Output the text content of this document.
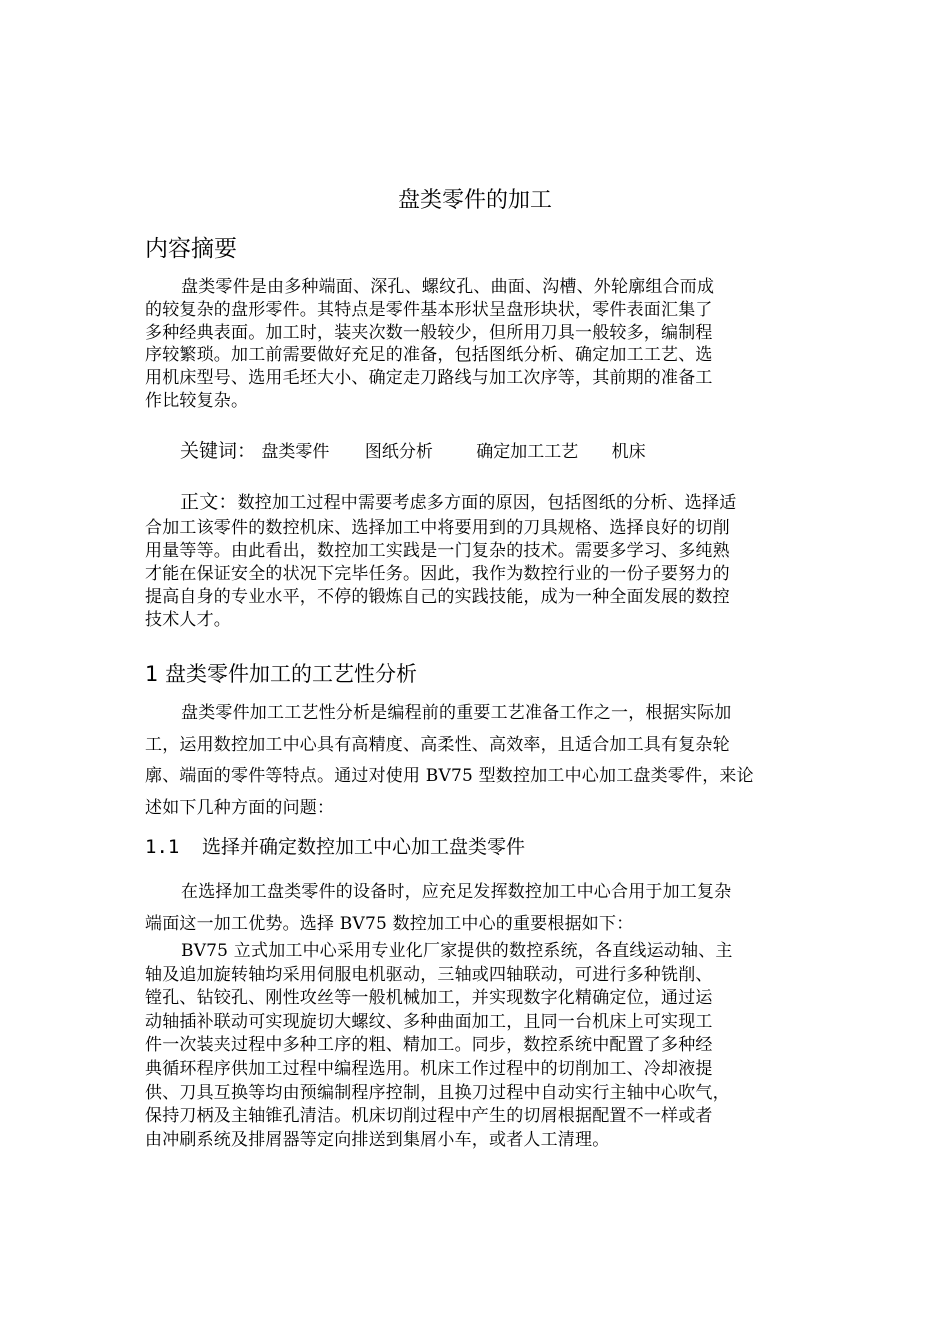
盘类零件的加工
内容摘要
盘类零件是由多种端面、深孔、螺纹孔、曲面、沟槽、外轮廓组合而成
的较复杂的盘形零件。其特点是零件基本形状呈盘形块状，零件表面汇集了
多种经典表面。加工时，装夹次数一般较少，但所用刀具一般较多，编制程
序较繁琐。加工前需要做好充足的准备，包括图纸分析、确定加工工艺、选
用机床型号、选用毛坯大小、确定走刀路线与加工次序等，其前期的准备工
作比较复杂。
关键词： 盘类零件 图纸分析	确定加工工艺 机床
正文：数控加工过程中需要考虑多方面的原因，包括图纸的分析、选择适
合加工该零件的数控机床、选择加工中将要用到的刀具规格、选择良好的切削
用量等等。由此看出，数控加工实践是一门复杂的技术。需要多学习、多纯熟
才能在保证安全的状况下完毕任务。因此，我作为数控行业的一份子要努力的
提高自身的专业水平，不停的锻炼自己的实践技能，成为一种全面发展的数控
技术人才。
1 盘类零件加工的工艺性分析
盘类零件加工工艺性分析是编程前的重要工艺准备工作之一，根据实际加
工，运用数控加工中心具有高精度、高柔性、高效率，且适合加工具有复杂轮
廓、端面的零件等特点。通过对使用 BV75 型数控加工中心加工盘类零件，来论
述如下几种方面的问题：
1.1 选择并确定数控加工中心加工盘类零件
在选择加工盘类零件的设备时，应充足发挥数控加工中心合用于加工复杂
端面这一加工优势。选择 BV75 数控加工中心的重要根据如下：
BV75 立式加工中心采用专业化厂家提供的数控系统，各直线运动轴、主
轴及追加旋转轴均采用伺服电机驱动，三轴或四轴联动，可进行多种铣削、
镗孔、钻铰孔、刚性攻丝等一般机械加工，并实现数字化精确定位，通过运
动轴插补联动可实现旋切大螺纹、多种曲面加工，且同一台机床上可实现工
件一次装夹过程中多种工序的粗、精加工。同步，数控系统中配置了多种经
典循环程序供加工过程中编程选用。机床工作过程中的切削加工、冷却液提
供、刀具互换等均由预编制程序控制，且换刀过程中自动实行主轴中心吹气，
保持刀柄及主轴锥孔清洁。机床切削过程中产生的切屑根据配置不一样或者
由冲刷系统及排屑器等定向排送到集屑小车，或者人工清理。
